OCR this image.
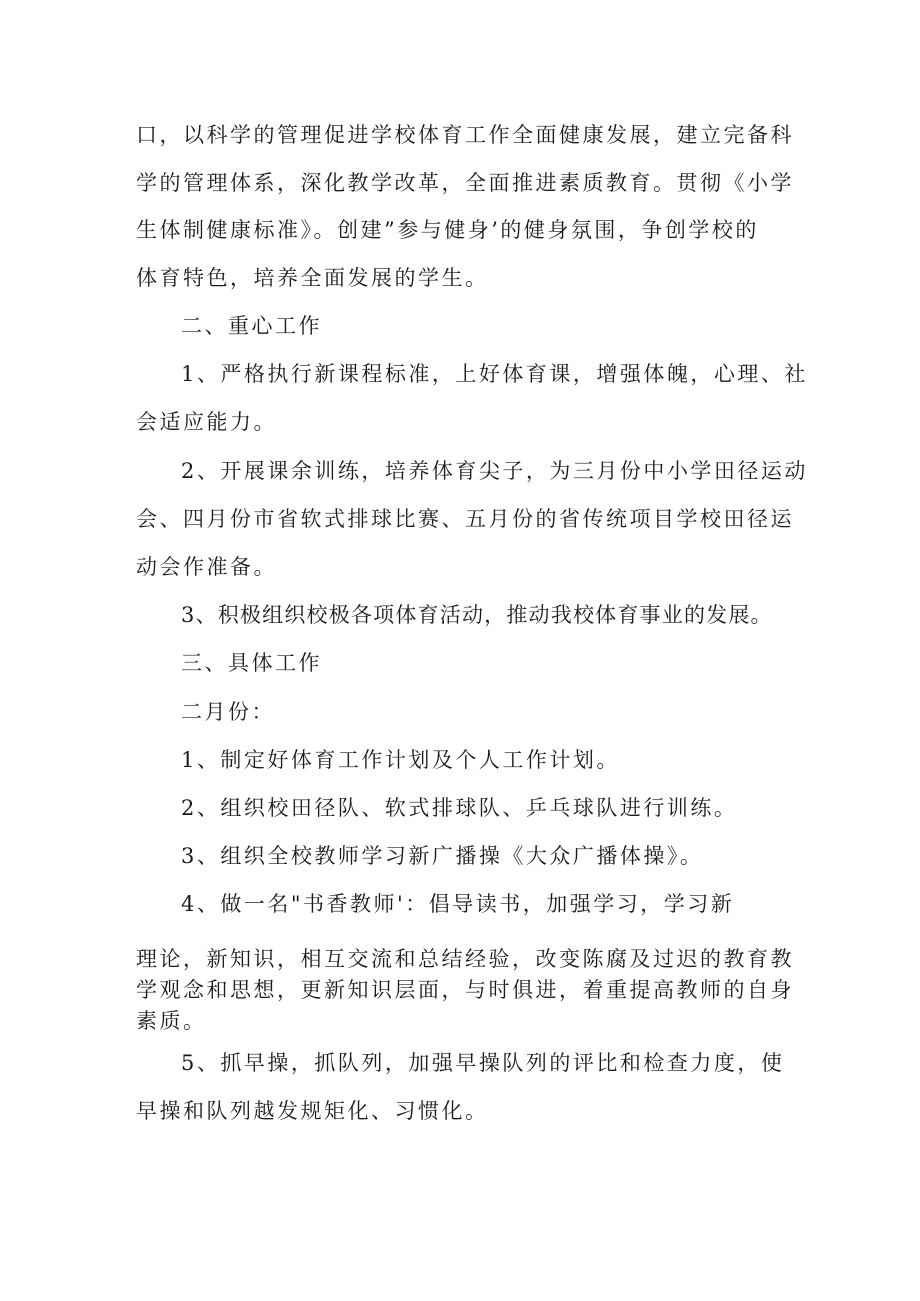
口，以科学的管理促进学校体育工作全面健康发展，建立完备科
学的管理体系，深化教学改革，全面推进素质教育。贯彻《小学
生体制健康标准》。创建”参与健身’的健身氛围，争创学校的
体育特色，培养全面发展的学生。
二、重心工作
1、严格执行新课程标准，上好体育课，增强体魄，心理、社
会适应能力。
2、开展课余训练，培养体育尖子，为三月份中小学田径运动
会、四月份市省软式排球比赛、五月份的省传统项目学校田径运
动会作准备。
3、积极组织校极各项体育活动，推动我校体育事业的发展。
三、具体工作
二月份：
1、制定好体育工作计划及个人工作计划。
2、组织校田径队、软式排球队、乒乓球队进行训练。
3、组织全校教师学习新广播操《大众广播体操》。
4、做一名"书香教师'：倡导读书，加强学习，学习新
理论，新知识，相互交流和总结经验，改变陈腐及过迟的教育教
学观念和思想，更新知识层面，与时俱进，着重提高教师的自身
素质。
5、抓早操，抓队列，加强早操队列的评比和检查力度，使
早操和队列越发规矩化、习惯化。
